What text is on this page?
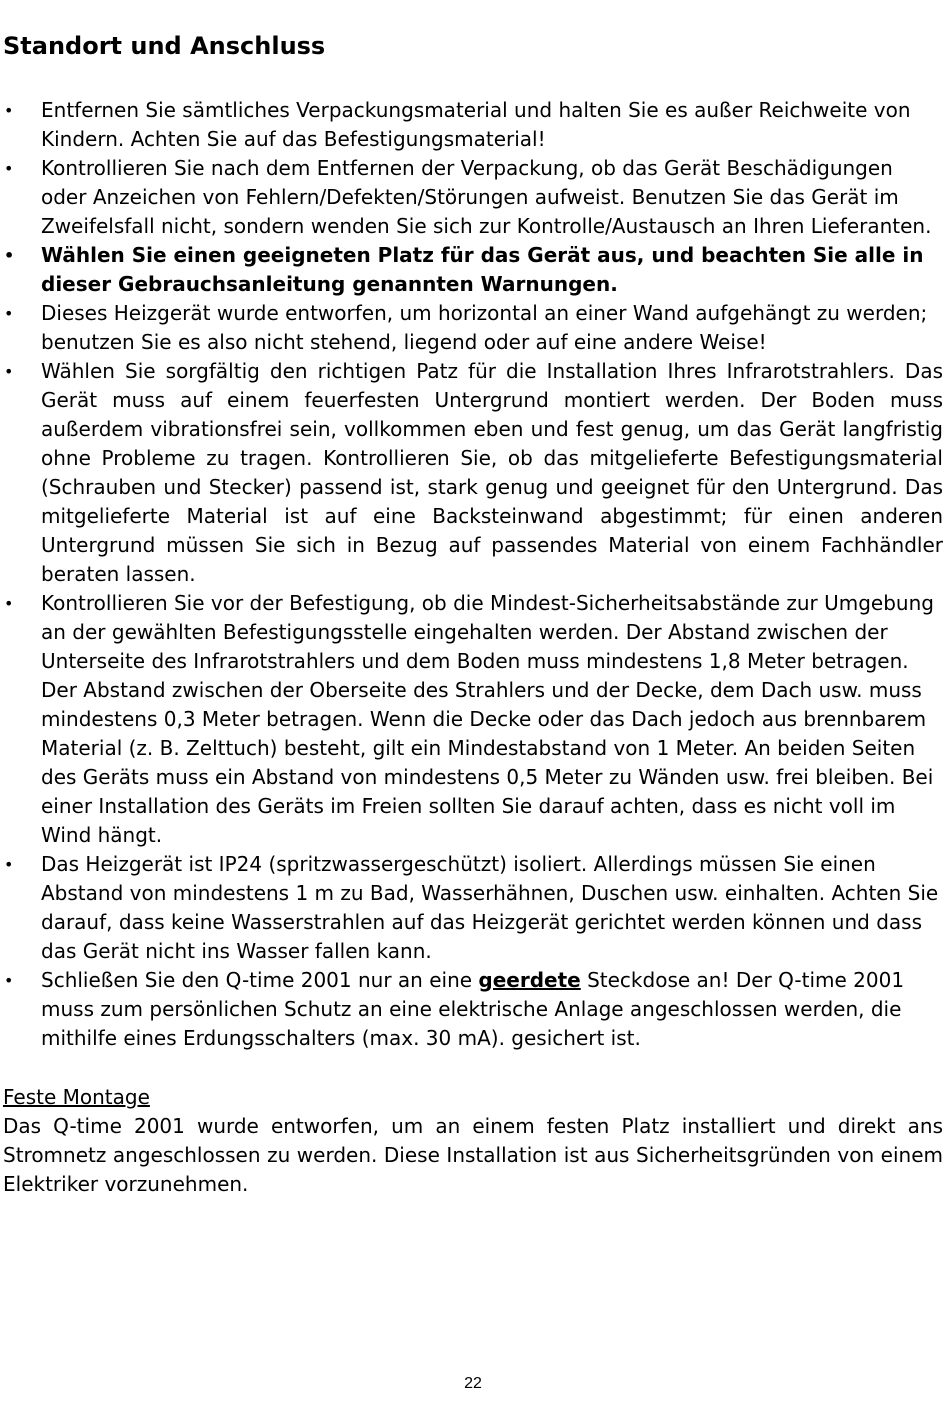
Standort und Anschluss
• Entfernen Sie sämtliches Verpackungsmaterial und halten Sie es außer Reichweite von Kindern. Achten Sie auf das Befestigungsmaterial!
• Kontrollieren Sie nach dem Entfernen der Verpackung, ob das Gerät Beschädigungen oder Anzeichen von Fehlern/Defekten/Störungen aufweist. Benutzen Sie das Gerät im Zweifelsfall nicht, sondern wenden Sie sich zur Kontrolle/Austausch an Ihren Lieferanten.
• Wählen Sie einen geeigneten Platz für das Gerät aus, und beachten Sie alle in dieser Gebrauchsanleitung genannten Warnungen.
• Dieses Heizgerät wurde entworfen, um horizontal an einer Wand aufgehängt zu werden; benutzen Sie es also nicht stehend, liegend oder auf eine andere Weise!
• Wählen Sie sorgfältig den richtigen Patz für die Installation Ihres Infrarotstrahlers. Das Gerät muss auf einem feuerfesten Untergrund montiert werden. Der Boden muss außerdem vibrationsfrei sein, vollkommen eben und fest genug, um das Gerät langfristig ohne Probleme zu tragen. Kontrollieren Sie, ob das mitgelieferte Befestigungsmaterial (Schrauben und Stecker) passend ist, stark genug und geeignet für den Untergrund. Das mitgelieferte Material ist auf eine Backsteinwand abgestimmt; für einen anderen Untergrund müssen Sie sich in Bezug auf passendes Material von einem Fachhändler beraten lassen.
• Kontrollieren Sie vor der Befestigung, ob die Mindest-Sicherheitsabstände zur Umgebung an der gewählten Befestigungsstelle eingehalten werden. Der Abstand zwischen der Unterseite des Infrarotstrahlers und dem Boden muss mindestens 1,8 Meter betragen. Der Abstand zwischen der Oberseite des Strahlers und der Decke, dem Dach usw. muss mindestens 0,3 Meter betragen. Wenn die Decke oder das Dach jedoch aus brennbarem Material (z. B. Zelttuch) besteht, gilt ein Mindestabstand von 1 Meter. An beiden Seiten des Geräts muss ein Abstand von mindestens 0,5 Meter zu Wänden usw. frei bleiben. Bei einer Installation des Geräts im Freien sollten Sie darauf achten, dass es nicht voll im Wind hängt.
• Das Heizgerät ist IP24 (spritzwassergeschützt) isoliert. Allerdings müssen Sie einen Abstand von mindestens 1 m zu Bad, Wasserhähnen, Duschen usw. einhalten. Achten Sie darauf, dass keine Wasserstrahlen auf das Heizgerät gerichtet werden können und dass das Gerät nicht ins Wasser fallen kann.
• Schließen Sie den Q-time 2001 nur an eine geerdete Steckdose an! Der Q-time 2001 muss zum persönlichen Schutz an eine elektrische Anlage angeschlossen werden, die mithilfe eines Erdungsschalters (max. 30 mA). gesichert ist.
Feste Montage
Das Q-time 2001 wurde entworfen, um an einem festen Platz installiert und direkt ans Stromnetz angeschlossen zu werden. Diese Installation ist aus Sicherheitsgründen von einem Elektriker vorzunehmen.
22
